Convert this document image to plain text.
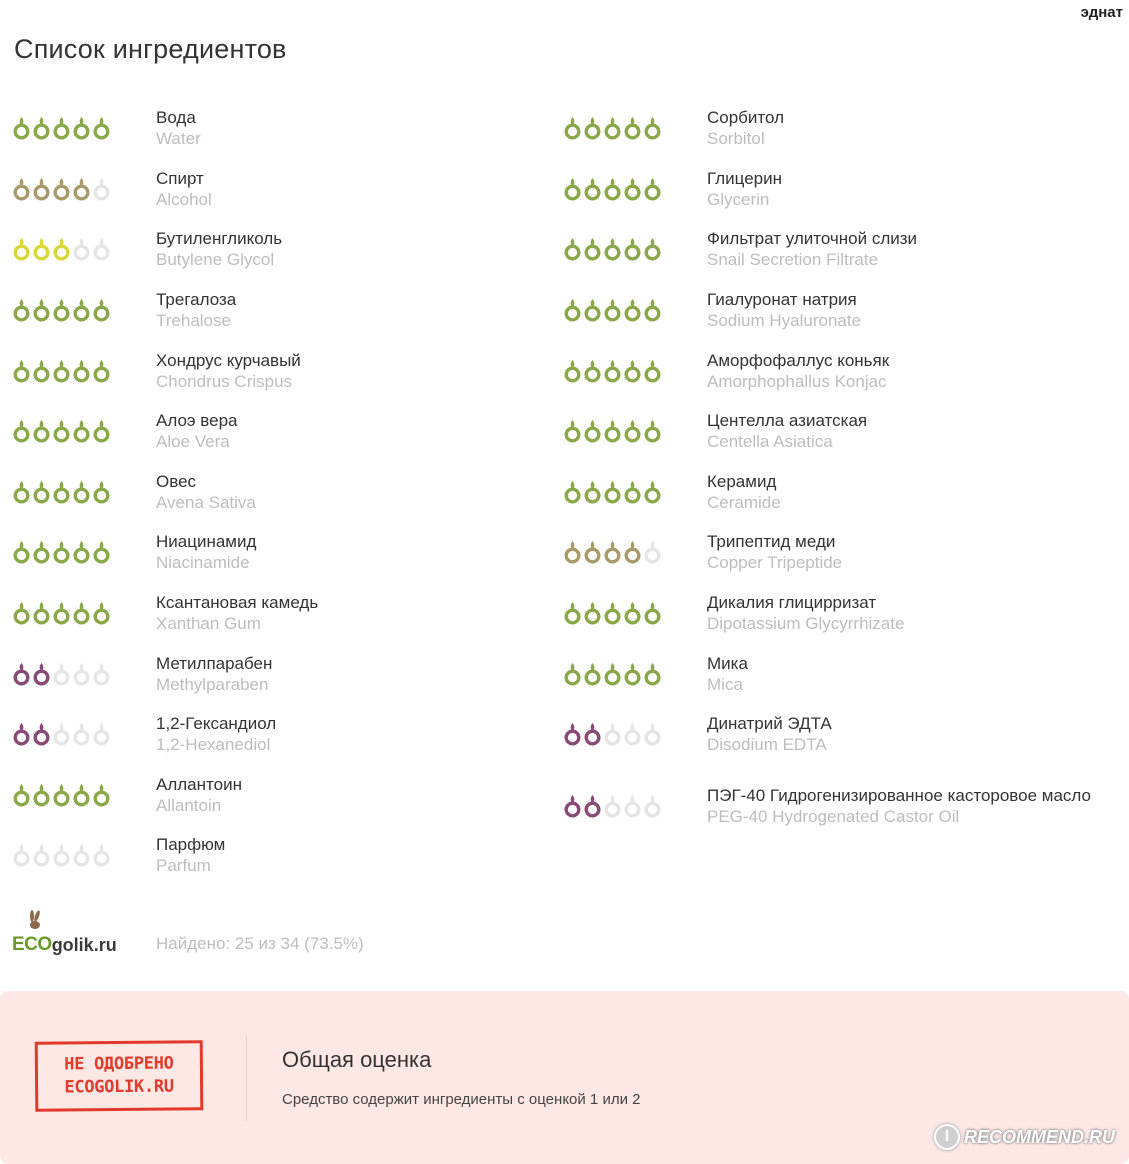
эднат
Список ингредиентов
Вода
Water
Спирт
Alcohol
Бутиленгликоль
Butylene Glycol
Трегалоза
Trehalose
Хондрус курчавый
Chondrus Crispus
Алоэ вера
Aloe Vera
Овес
Avena Sativa
Ниацинамид
Niacinamide
Ксантановая камедь
Xanthan Gum
Метилпарабен
Methylparaben
1,2-Гександиол
1,2-Hexanediol
Аллантоин
Allantoin
Парфюм
Parfum
Сорбитол
Sorbitol
Глицерин
Glycerin
Фильтрат улиточной слизи
Snail Secretion Filtrate
Гиалуронат натрия
Sodium Hyaluronate
Аморфофаллус коньяк
Amorphophallus Konjac
Центелла азиатская
Centella Asiatica
Керамид
Ceramide
Трипептид меди
Copper Tripeptide
Дикалия глицирризат
Dipotassium Glycyrrhizate
Мика
Mica
Динатрий ЭДТА
Disodium EDTA
ПЭГ-40 Гидрогенизированное касторовое масло
PEG-40 Hydrogenated Castor Oil
ECO golik.ru Найдено: 25 из 34 (73.5%)
НЕ ОДОБРЕНО
ECOGOLIK.RU
Общая оценка
Средство содержит ингредиенты с оценкой 1 или 2
I RECOMMEND.RU
